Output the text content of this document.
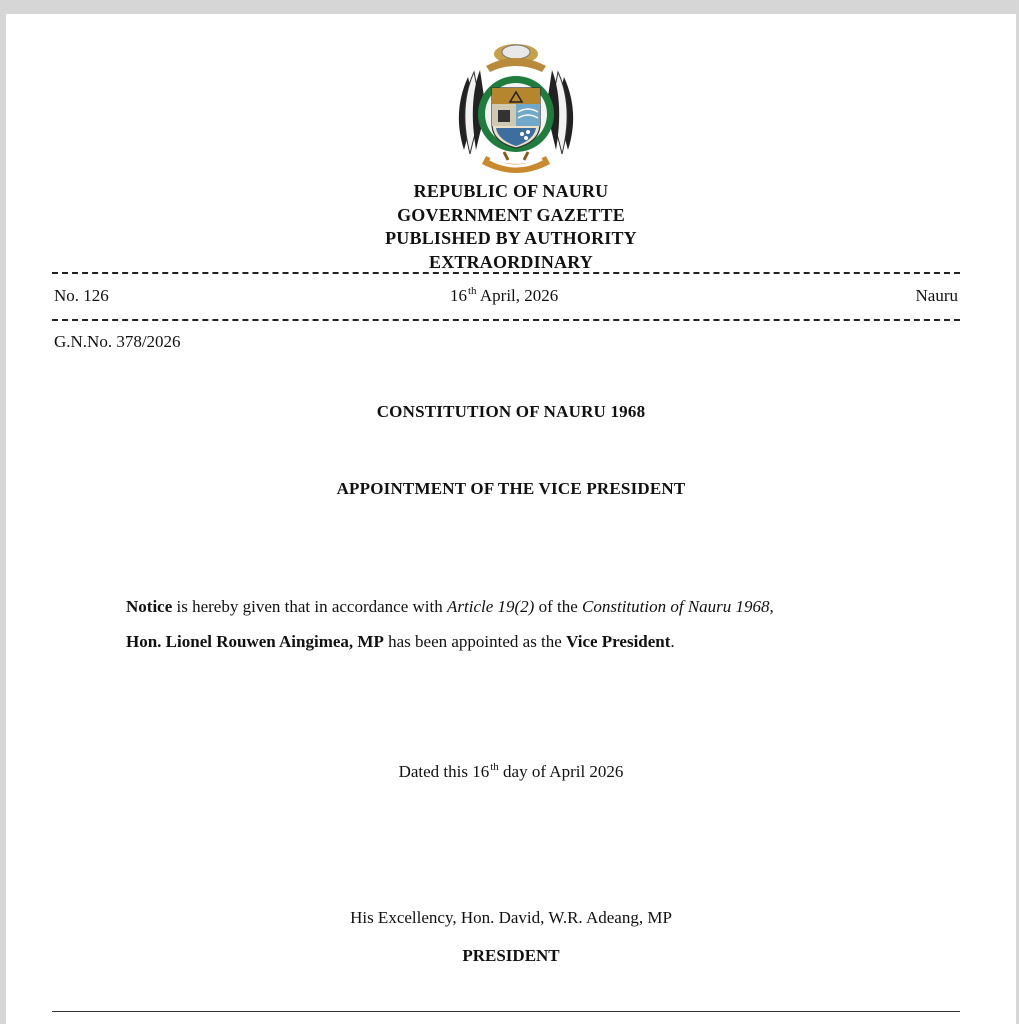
REPUBLIC OF NAURU
GOVERNMENT GAZETTE
PUBLISHED BY AUTHORITY
EXTRAORDINARY
No. 126	16th April, 2026	Nauru
G.N.No. 378/2026
CONSTITUTION OF NAURU 1968
APPOINTMENT OF THE VICE PRESIDENT
Notice is hereby given that in accordance with Article 19(2) of the Constitution of Nauru 1968,
Hon. Lionel Rouwen Aingimea, MP has been appointed as the Vice President.
Dated this 16th day of April 2026
His Excellency, Hon. David, W.R. Adeang, MP
PRESIDENT
